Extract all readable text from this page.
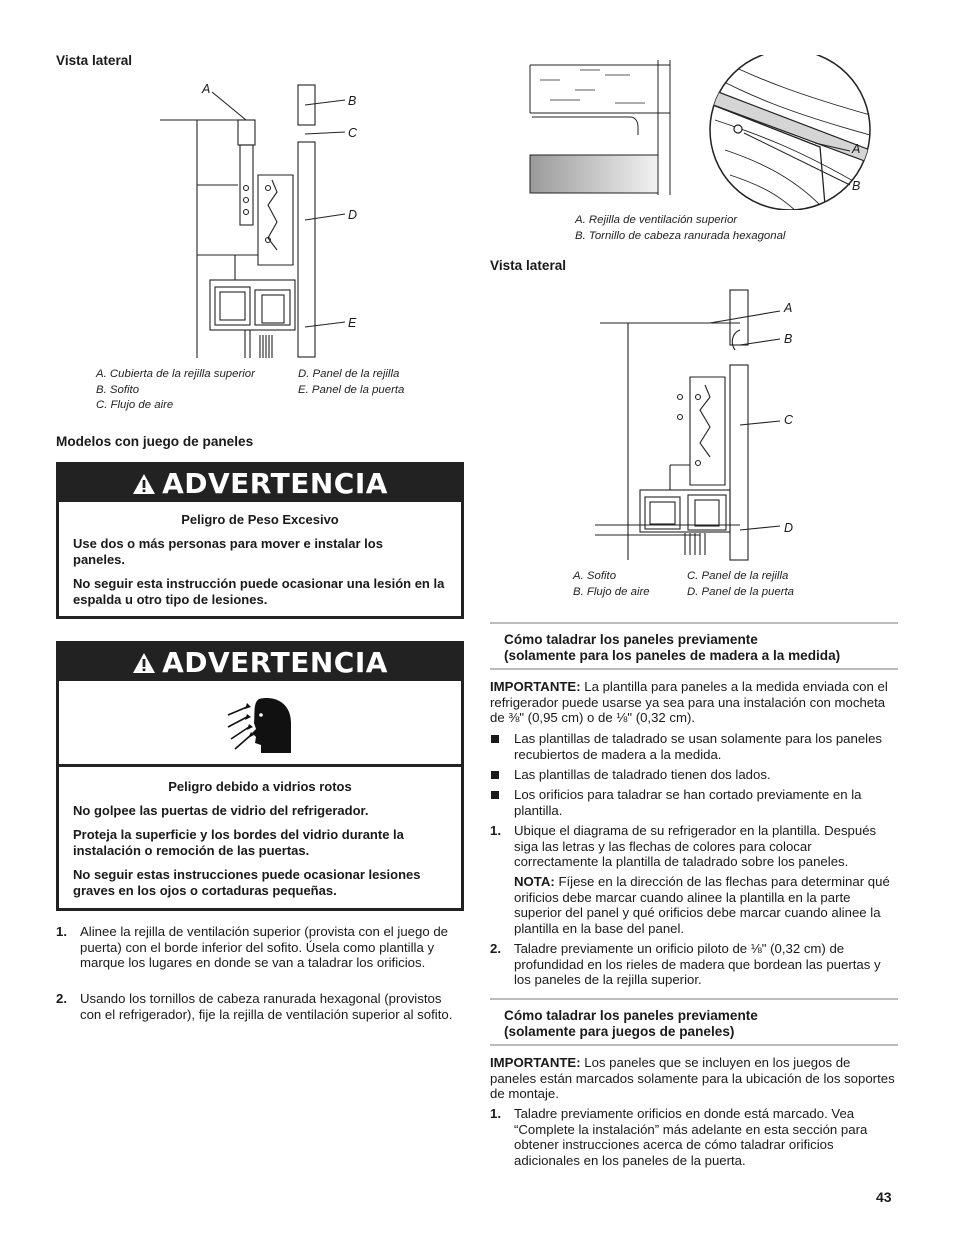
Vista lateral
A
B
C
D
E
A. Cubierta de la rejilla superior
B. Sofito
C. Flujo de aire
D. Panel de la rejilla
E. Panel de la puerta
Modelos con juego de paneles
ADVERTENCIA

Peligro de Peso Excesivo

Use dos o más personas para mover e instalar los paneles.

No seguir esta instrucción puede ocasionar una lesión en la espalda u otro tipo de lesiones.

ADVERTENCIA

Peligro debido a vidrios rotos

No golpee las puertas de vidrio del refrigerador.

Proteja la superficie y los bordes del vidrio durante la instalación o remoción de las puertas.

No seguir estas instrucciones puede ocasionar lesiones graves en los ojos o cortaduras pequeñas.

1. Alinee la rejilla de ventilación superior (provista con el juego de puerta) con el borde inferior del sofito. Úsela como plantilla y marque los lugares en donde se van a taladrar los orificios.
2. Usando los tornillos de cabeza ranurada hexagonal (provistos con el refrigerador), fije la rejilla de ventilación superior al sofito.
A
B
A. Rejilla de ventilación superior
B. Tornillo de cabeza ranurada hexagonal
Vista lateral
A
B
C
D
A. Sofito
B. Flujo de aire
C. Panel de la rejilla
D. Panel de la puerta
Cómo taladrar los paneles previamente
(solamente para los paneles de madera a la medida)
IMPORTANTE: La plantilla para paneles a la medida enviada con el refrigerador puede usarse ya sea para una instalación con mocheta de ⅜" (0,95 cm) o de ⅛" (0,32 cm).
Las plantillas de taladrado se usan solamente para los paneles recubiertos de madera a la medida.
Las plantillas de taladrado tienen dos lados.
Los orificios para taladrar se han cortado previamente en la plantilla.
1. Ubique el diagrama de su refrigerador en la plantilla. Después siga las letras y las flechas de colores para colocar correctamente la plantilla de taladrado sobre los paneles.
NOTA: Fíjese en la dirección de las flechas para determinar qué orificios debe marcar cuando alinee la plantilla en la parte superior del panel y qué orificios debe marcar cuando alinee la plantilla en la base del panel.
2. Taladre previamente un orificio piloto de ⅛" (0,32 cm) de profundidad en los rieles de madera que bordean las puertas y los paneles de la rejilla superior.
Cómo taladrar los paneles previamente
(solamente para juegos de paneles)
IMPORTANTE: Los paneles que se incluyen en los juegos de paneles están marcados solamente para la ubicación de los soportes de montaje.
1. Taladre previamente orificios en donde está marcado. Vea “Complete la instalación” más adelante en esta sección para obtener instrucciones acerca de cómo taladrar orificios adicionales en los paneles de la puerta.
43
